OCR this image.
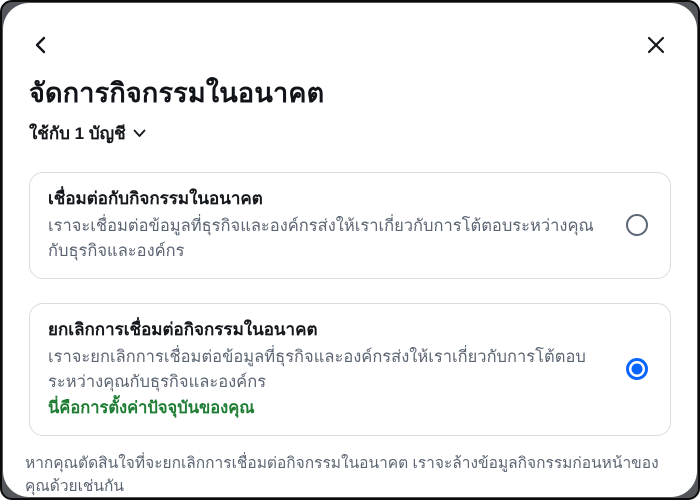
จัดการกิจกรรมในอนาคต
ใช้กับ 1 บัญชี
เชื่อมต่อกับกิจกรรมในอนาคต
เราจะเชื่อมต่อข้อมูลที่ธุรกิจและองค์กรส่งให้เรา​เกี่ยวกับ​การโต้ตอบ​ระหว่างคุณกับ​ธุรกิจและองค์กร
ยกเลิกการเชื่อมต่อกิจกรรมในอนาคต
เราจะยกเลิกการเชื่อมต่อข้อมูลที่ธุรกิจและองค์กรส่งให้เรา​เกี่ยวกับ​การโต้ตอบ​ระหว่างคุณกับธุรกิจและองค์กร
นี่คือการตั้งค่าปัจจุบันของคุณ

หากคุณตัดสินใจที่จะยกเลิกการเชื่อมต่อกิจกรรมในอนาคต เราจะล้างข้อมูล​กิจกรรม​ก่อนหน้า​ของคุณ​ด้วยเช่น​กัน
